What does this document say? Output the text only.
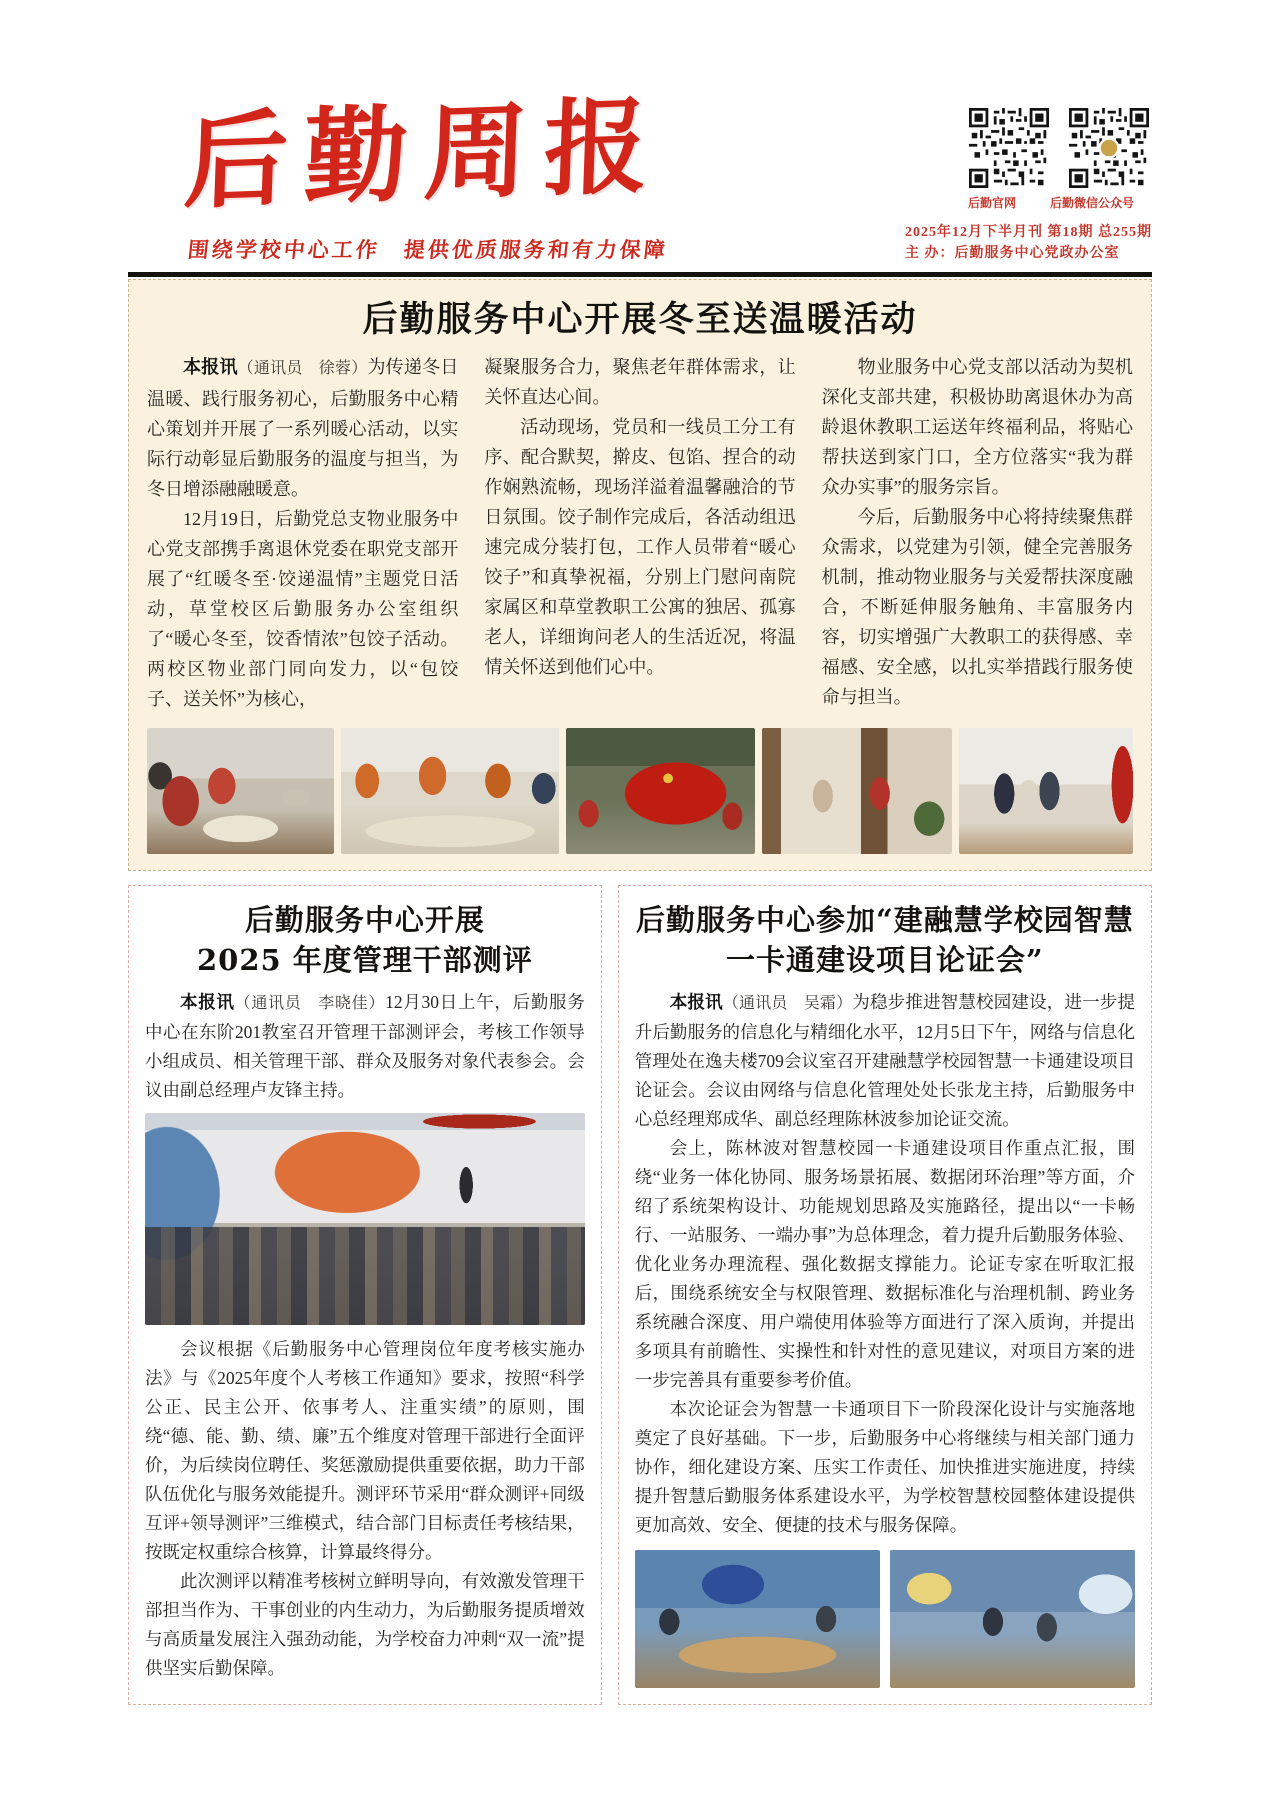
后勤周报	后勤官网	后勤微信公众号
围绕学校中心工作　提供优质服务和有力保障
2025年12月下半月刊 第18期 总255期
主 办：后勤服务中心党政办公室
后勤服务中心开展冬至送温暖活动

本报讯（通讯员　徐蓉）为传递冬日温暖、践行服务初心，后勤服务中心精心策划并开展了一系列暖心活动，以实际行动彰显后勤服务的温度与担当，为冬日增添融融暖意。

12月19日，后勤党总支物业服务中心党支部携手离退休党委在职党支部开展了“红暖冬至·饺递温情”主题党日活动，草堂校区后勤服务办公室组织了“暖心冬至，饺香情浓”包饺子活动。两校区物业部门同向发力，以“包饺子、送关怀”为核心，

凝聚服务合力，聚焦老年群体需求，让关怀直达心间。

活动现场，党员和一线员工分工有序、配合默契，擀皮、包馅、捏合的动作娴熟流畅，现场洋溢着温馨融洽的节日氛围。饺子制作完成后，各活动组迅速完成分装打包，工作人员带着“暖心饺子”和真挚祝福，分别上门慰问南院家属区和草堂教职工公寓的独居、孤寡老人，详细询问老人的生活近况，将温情关怀送到他们心中。

物业服务中心党支部以活动为契机深化支部共建，积极协助离退休办为高龄退休教职工运送年终福利品，将贴心帮扶送到家门口，全方位落实“我为群众办实事”的服务宗旨。

今后，后勤服务中心将持续聚焦群众需求，以党建为引领，健全完善服务机制，推动物业服务与关爱帮扶深度融合，不断延伸服务触角、丰富服务内容，切实增强广大教职工的获得感、幸福感、安全感，以扎实举措践行服务使命与担当。

后勤服务中心开展
2025 年度管理干部测评

本报讯（通讯员　李晓佳）12月30日上午，后勤服务中心在东阶201教室召开管理干部测评会，考核工作领导小组成员、相关管理干部、群众及服务对象代表参会。会议由副总经理卢友锋主持。

会议根据《后勤服务中心管理岗位年度考核实施办法》与《2025年度个人考核工作通知》要求，按照“科学公正、民主公开、依事考人、注重实绩”的原则，围绕“德、能、勤、绩、廉”五个维度对管理干部进行全面评价，为后续岗位聘任、奖惩激励提供重要依据，助力干部队伍优化与服务效能提升。测评环节采用“群众测评+同级互评+领导测评”三维模式，结合部门目标责任考核结果，按既定权重综合核算，计算最终得分。

此次测评以精准考核树立鲜明导向，有效激发管理干部担当作为、干事创业的内生动力，为后勤服务提质增效与高质量发展注入强劲动能，为学校奋力冲刺“双一流”提供坚实后勤保障。

后勤服务中心参加“建融慧学校园智慧
一卡通建设项目论证会”

本报讯（通讯员　吴霜）为稳步推进智慧校园建设，进一步提升后勤服务的信息化与精细化水平，12月5日下午，网络与信息化管理处在逸夫楼709会议室召开建融慧学校园智慧一卡通建设项目论证会。会议由网络与信息化管理处处长张龙主持，后勤服务中心总经理郑成华、副总经理陈林波参加论证交流。

会上，陈林波对智慧校园一卡通建设项目作重点汇报，围绕“业务一体化协同、服务场景拓展、数据闭环治理”等方面，介绍了系统架构设计、功能规划思路及实施路径，提出以“一卡畅行、一站服务、一端办事”为总体理念，着力提升后勤服务体验、优化业务办理流程、强化数据支撑能力。论证专家在听取汇报后，围绕系统安全与权限管理、数据标准化与治理机制、跨业务系统融合深度、用户端使用体验等方面进行了深入质询，并提出多项具有前瞻性、实操性和针对性的意见建议，对项目方案的进一步完善具有重要参考价值。

本次论证会为智慧一卡通项目下一阶段深化设计与实施落地奠定了良好基础。下一步，后勤服务中心将继续与相关部门通力协作，细化建设方案、压实工作责任、加快推进实施进度，持续提升智慧后勤服务体系建设水平，为学校智慧校园整体建设提供更加高效、安全、便捷的技术与服务保障。
